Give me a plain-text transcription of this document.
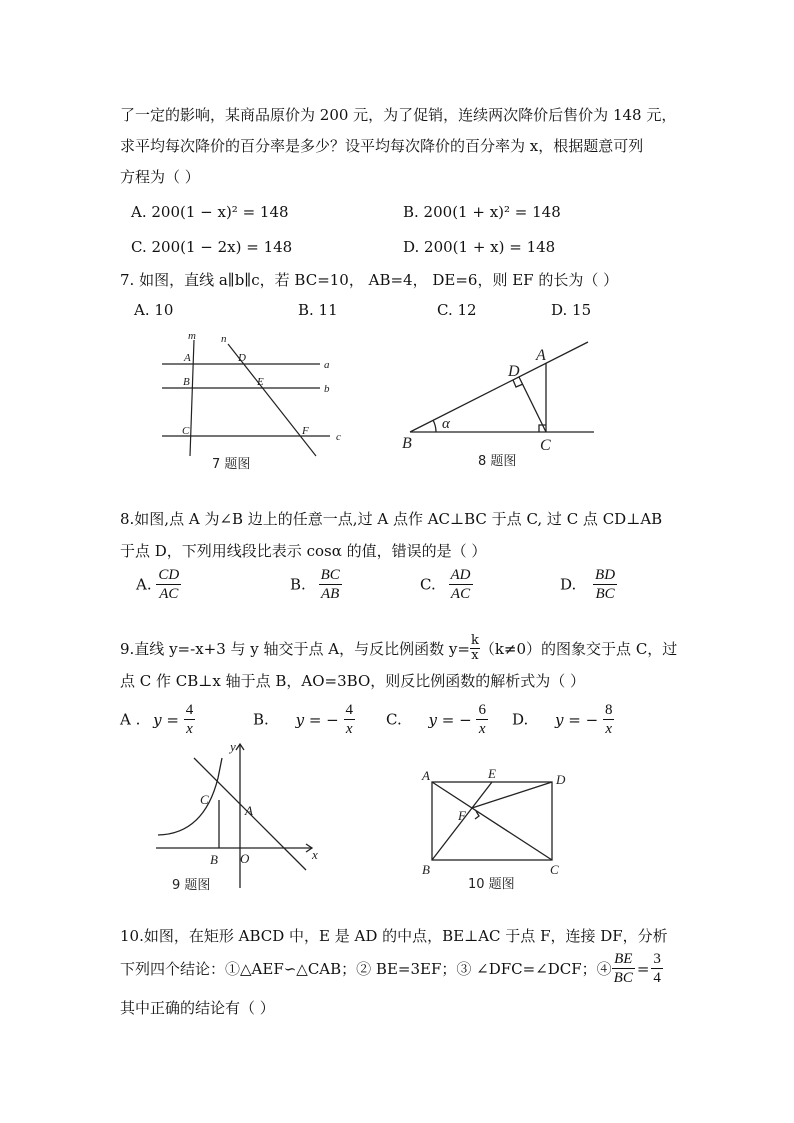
了一定的影响，某商品原价为 200 元，为了促销，连续两次降价后售价为 148 元，
求平均每次降价的百分率是多少？设平均每次降价的百分率为 x，根据题意可列
方程为（ ）
A. 200(1 − x)² = 148	B. 200(1 + x)² = 148
C. 200(1 − 2x) = 148	D. 200(1 + x) = 148
7. 如图，直线 a∥b∥c，若 BC=10， AB=4， DE=6，则 EF 的长为（ ）
A. 10	B. 11	C. 12	D. 15
m n
a
b
c
A
B
C
D
E
F
7 题图
A
B	C
D
α
8 题图
8.如图,点 A 为∠B 边上的任意一点,过 A 点作 AC⊥BC 于点 C, 过 C 点 CD⊥AB
于点 D，下列用线段比表示 cosα 的值，错误的是（ ）
A. $\frac{CD}{AC}$	B. $\frac{BC}{AB}$	C. $\frac{AD}{AC}$	D. $\frac{BD}{BC}$
9.直线 y=-x+3 与 y 轴交于点 A，与反比例函数 $y= \frac{k}{x} (k\ne 0)$的图象交于点 C，过
点 C 作 CB⊥x 轴于点 B，AO=3BO，则反比例函数的解析式为（ ）
A . $y = \frac{4}{x}$	B. y = − $\frac{4}{x} C$. y = − $\frac{6}{x} D$. y = − $\frac{8}{x}$
y
x
A
B
C
O
9 题图
A
B	C
D
E
F
10 题图
10.如图，在矩形 ABCD 中，E 是 AD 的中点，BE⊥AC 于点 F，连接 DF，分析
下列四个结论：①△AEF∽△CAB；② BE=3EF；③ ∠DFC=∠DCF；④ $\frac{BE}{BC} = \frac{3}{4}$
其中正确的结论有（ ）
